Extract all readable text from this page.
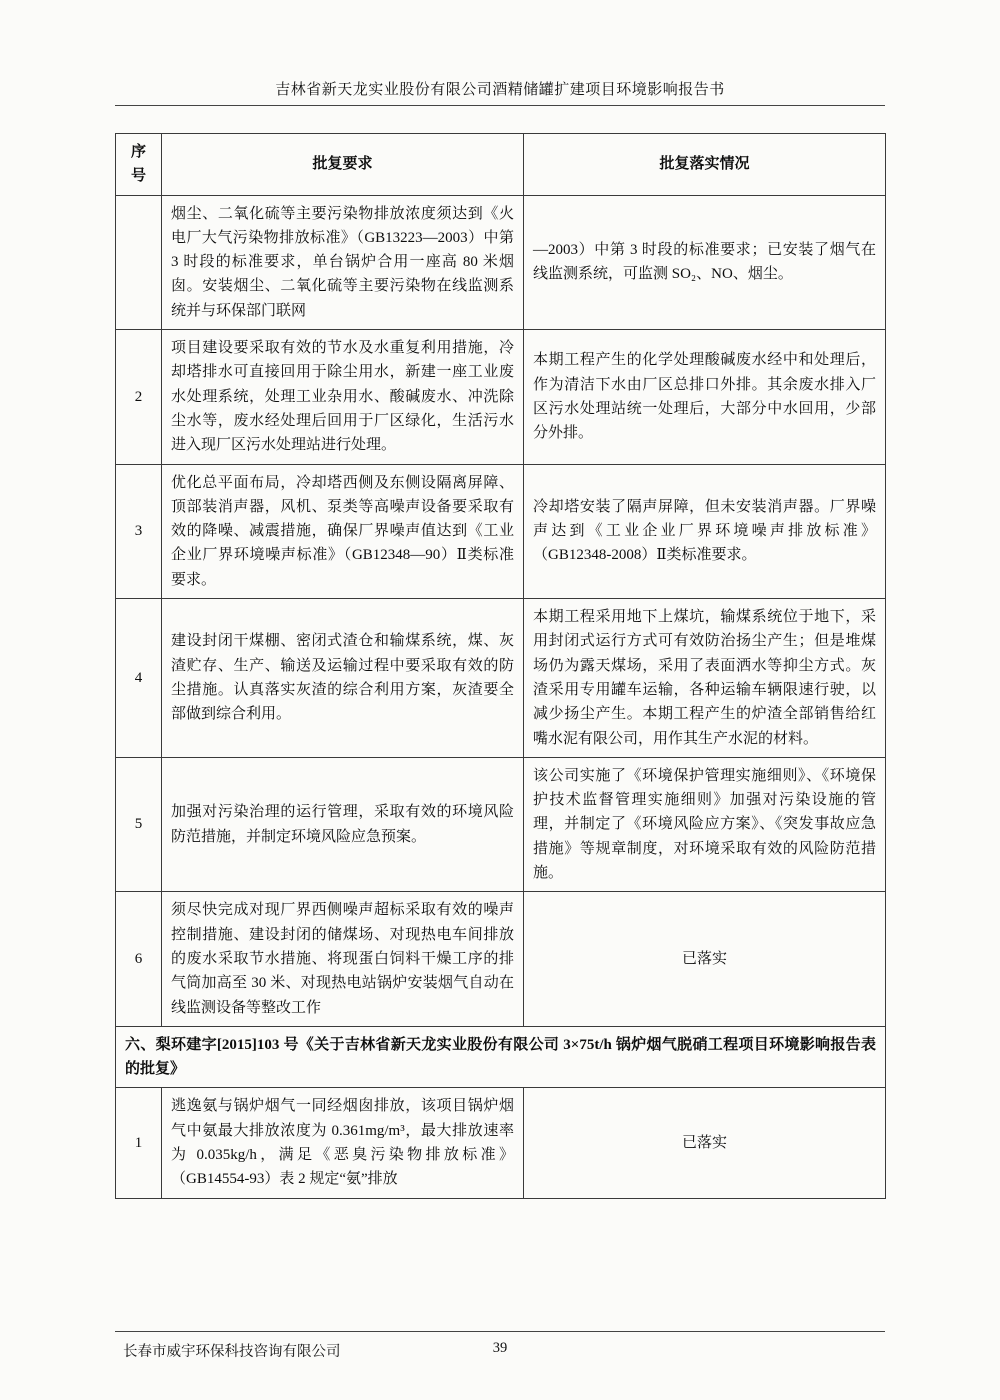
吉林省新天龙实业股份有限公司酒精储罐扩建项目环境影响报告书
序
号	批复要求	批复落实情况
	烟尘、二氧化硫等主要污染物排放浓度须达到《火电厂大气污染物排放标准》（GB13223—2003）中第 3 时段的标准要求，单台锅炉合用一座高 80 米烟囱。安装烟尘、二氧化硫等主要污染物在线监测系统并与环保部门联网	—2003）中第 3 时段的标准要求；已安装了烟气在线监测系统，可监测 SO₂、NO、烟尘。
2	项目建设要采取有效的节水及水重复利用措施，冷却塔排水可直接回用于除尘用水，新建一座工业废水处理系统，处理工业杂用水、酸碱废水、冲洗除尘水等，废水经处理后回用于厂区绿化，生活污水进入现厂区污水处理站进行处理。	本期工程产生的化学处理酸碱废水经中和处理后，作为清洁下水由厂区总排口外排。其余废水排入厂区污水处理站统一处理后，大部分中水回用，少部分外排。
3	优化总平面布局，冷却塔西侧及东侧设隔离屏障、顶部装消声器，风机、泵类等高噪声设备要采取有效的降噪、减震措施，确保厂界噪声值达到《工业企业厂界环境噪声标准》（GB12348—90）Ⅱ类标准要求。	冷却塔安装了隔声屏障，但未安装消声器。厂界噪声达到《工业企业厂界环境噪声排放标准》（GB12348-2008）Ⅱ类标准要求。
4	建设封闭干煤棚、密闭式渣仓和输煤系统，煤、灰渣贮存、生产、输送及运输过程中要采取有效的防尘措施。认真落实灰渣的综合利用方案，灰渣要全部做到综合利用。	本期工程采用地下上煤坑，输煤系统位于地下，采用封闭式运行方式可有效防治扬尘产生；但是堆煤场仍为露天煤场，采用了表面洒水等抑尘方式。灰渣采用专用罐车运输，各种运输车辆限速行驶，以减少扬尘产生。本期工程产生的炉渣全部销售给红嘴水泥有限公司，用作其生产水泥的材料。
5	加强对污染治理的运行管理，采取有效的环境风险防范措施，并制定环境风险应急预案。	该公司实施了《环境保护管理实施细则》、《环境保护技术监督管理实施细则》加强对污染设施的管理，并制定了《环境风险应方案》、《突发事故应急措施》等规章制度，对环境采取有效的风险防范措施。
6	须尽快完成对现厂界西侧噪声超标采取有效的噪声控制措施、建设封闭的储煤场、对现热电车间排放的废水采取节水措施、将现蛋白饲料干燥工序的排气筒加高至 30 米、对现热电站锅炉安装烟气自动在线监测设备等整改工作	已落实
六、梨环建字[2015]103 号《关于吉林省新天龙实业股份有限公司 3×75t/h 锅炉烟气脱硝工程项目环境影响报告表的批复》		
1	逃逸氨与锅炉烟气一同经烟囱排放，该项目锅炉烟气中氨最大排放浓度为 0.361mg/m³，最大排放速率为 0.035kg/h，满足《恶臭污染物排放标准》（GB14554-93）表 2 规定“氨”排放	已落实
长春市威宇环保科技咨询有限公司	39
